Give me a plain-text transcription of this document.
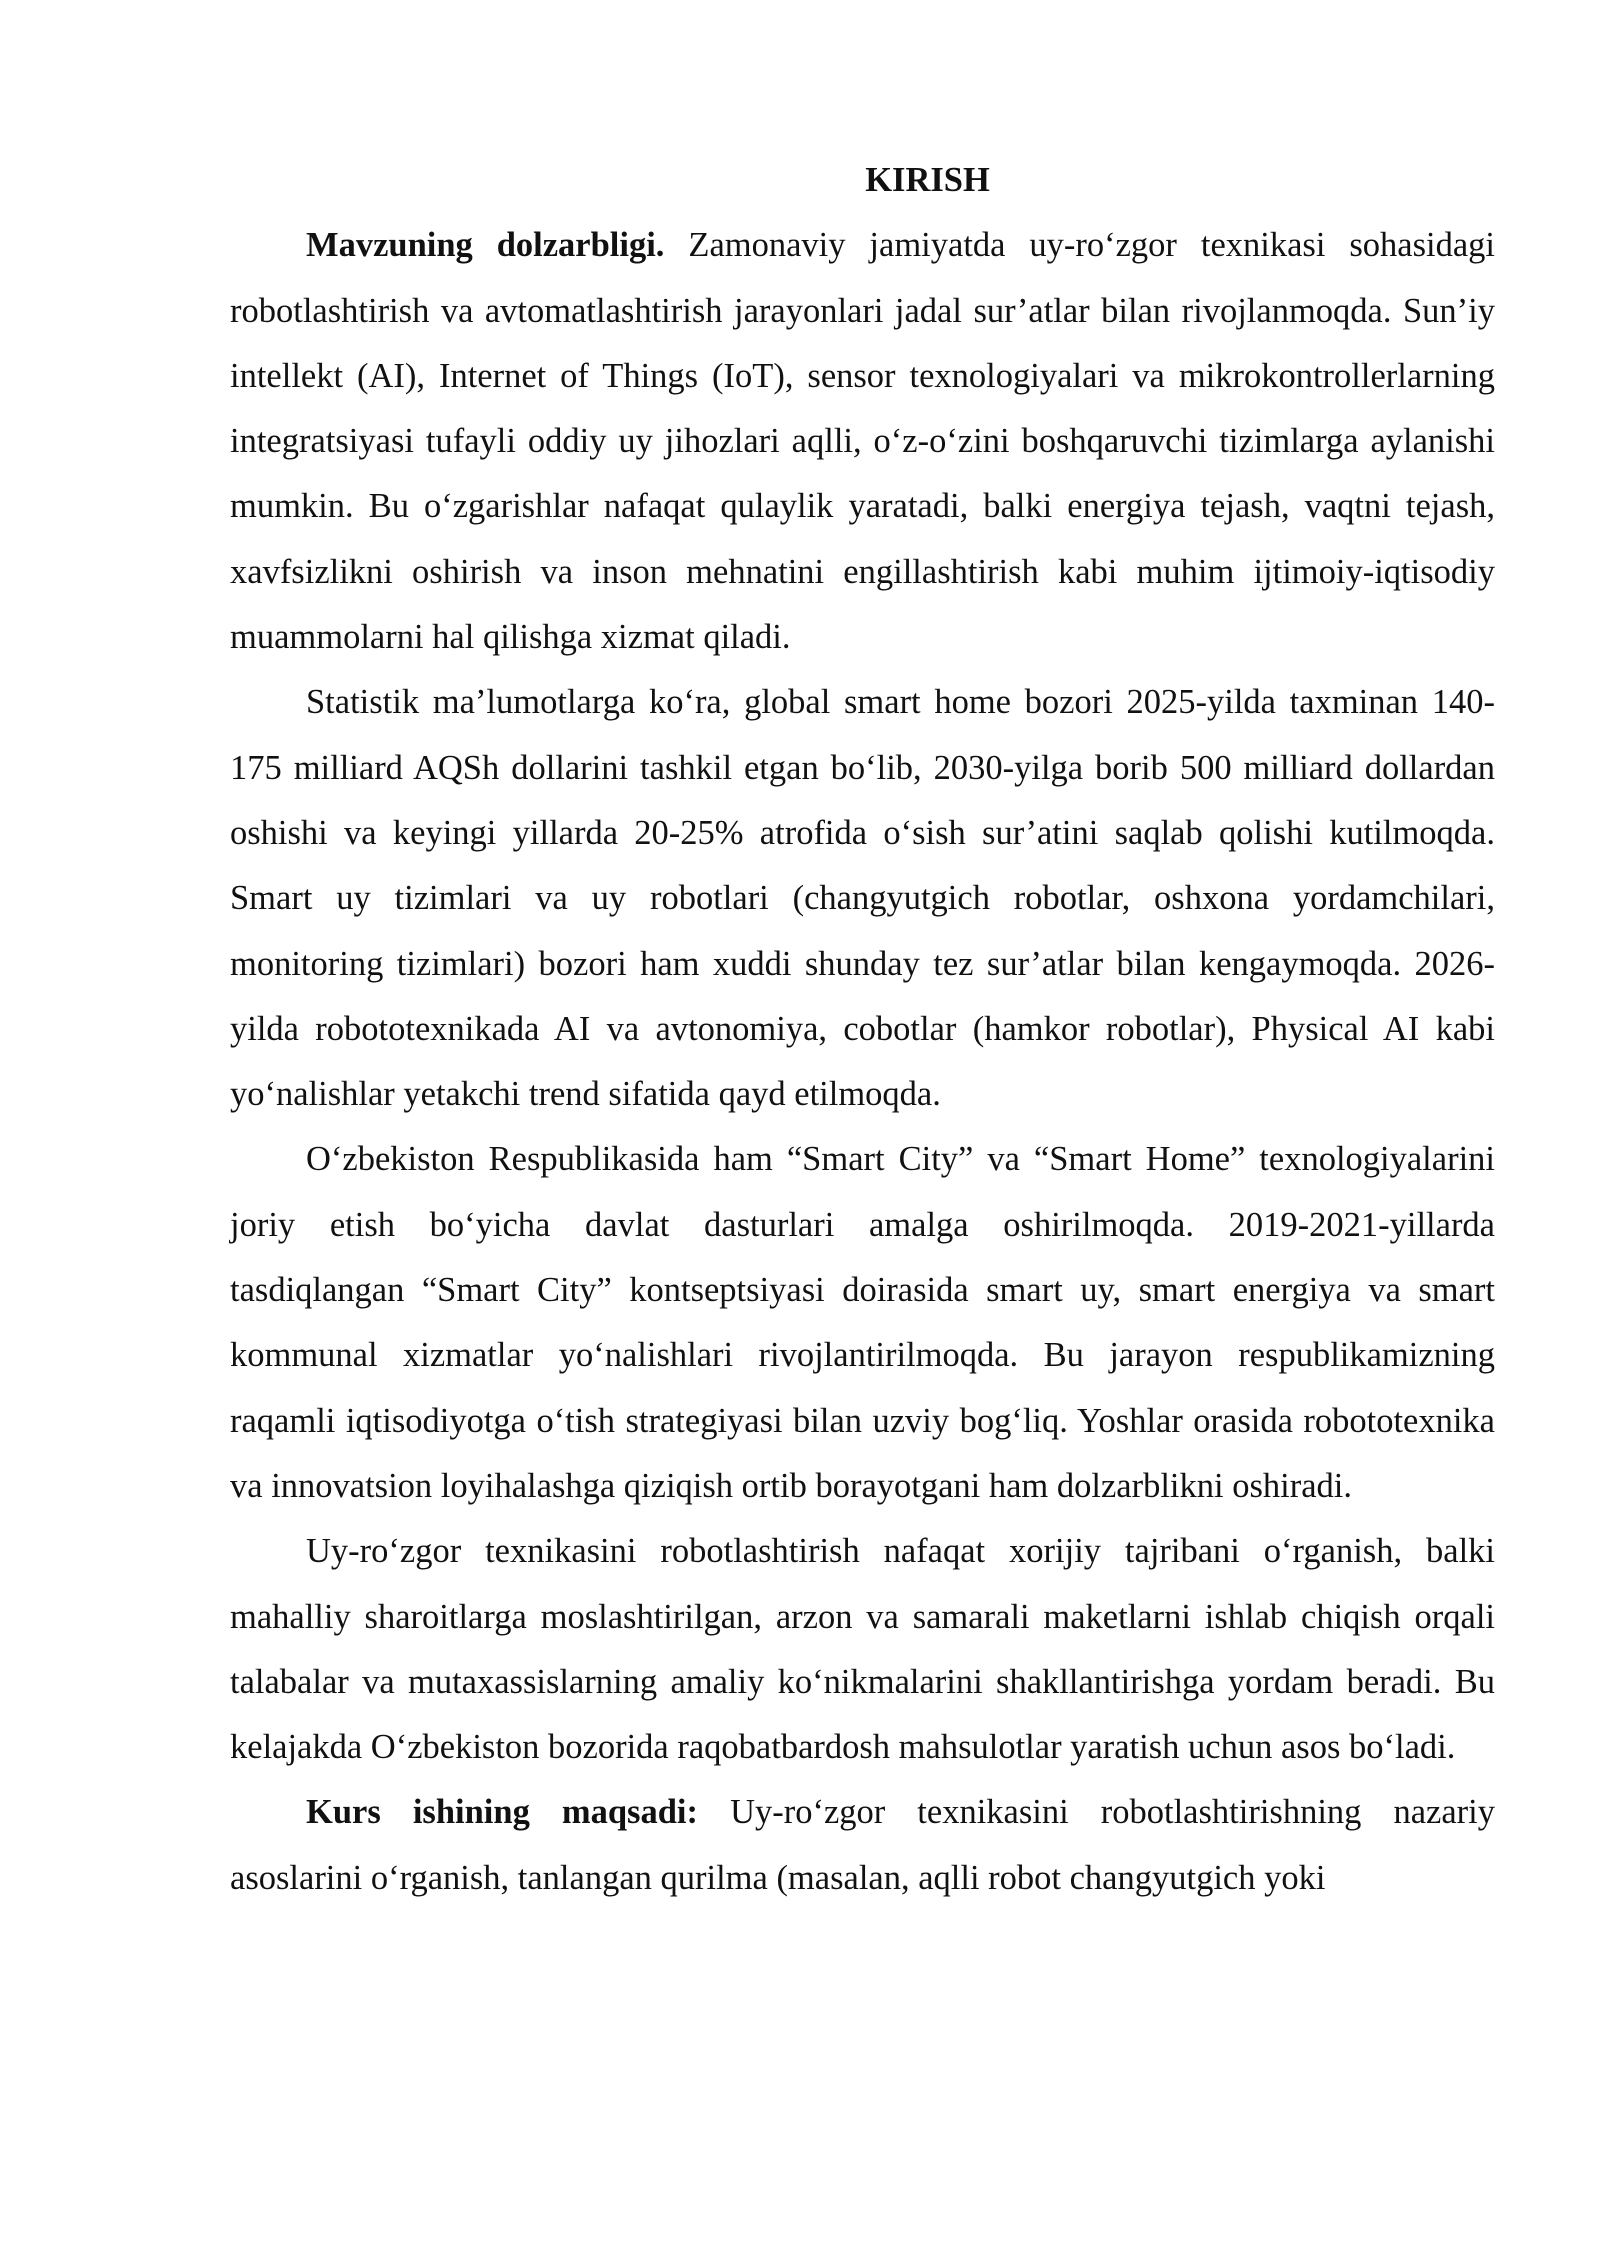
KIRISH

Mavzuning dolzarbligi. Zamonaviy jamiyatda uy-ro‘zgor texnikasi sohasidagi robotlashtirish va avtomatlashtirish jarayonlari jadal sur’atlar bilan rivojlanmoqda. Sun’iy intellekt (AI), Internet of Things (IoT), sensor texnologiyalari va mikrokontrollerlarning integratsiyasi tufayli oddiy uy jihozlari aqlli, o‘z-o‘zini boshqaruvchi tizimlarga aylanishi mumkin. Bu o‘zgarishlar nafaqat qulaylik yaratadi, balki energiya tejash, vaqtni tejash, xavfsizlikni oshirish va inson mehnatini engillashtirish kabi muhim ijtimoiy-iqtisodiy muammolarni hal qilishga xizmat qiladi.

Statistik ma’lumotlarga ko‘ra, global smart home bozori 2025-yilda taxminan 140-175 milliard AQSh dollarini tashkil etgan bo‘lib, 2030-yilga borib 500 milliard dollardan oshishi va keyingi yillarda 20-25% atrofida o‘sish sur’atini saqlab qolishi kutilmoqda. Smart uy tizimlari va uy robotlari (changyutgich robotlar, oshxona yordamchilari, monitoring tizimlari) bozori ham xuddi shunday tez sur’atlar bilan kengaymoqda. 2026-yilda robototexnikada AI va avtonomiya, cobotlar (hamkor robotlar), Physical AI kabi yo‘nalishlar yetakchi trend sifatida qayd etilmoqda.

O‘zbekiston Respublikasida ham “Smart City” va “Smart Home” texnologiyalarini joriy etish bo‘yicha davlat dasturlari amalga oshirilmoqda. 2019-2021-yillarda tasdiqlangan “Smart City” kontseptsiyasi doirasida smart uy, smart energiya va smart kommunal xizmatlar yo‘nalishlari rivojlantirilmoqda. Bu jarayon respublikamizning raqamli iqtisodiyotga o‘tish strategiyasi bilan uzviy bog‘liq. Yoshlar orasida robototexnika va innovatsion loyihalashga qiziqish ortib borayotgani ham dolzarblikni oshiradi.

Uy-ro‘zgor texnikasini robotlashtirish nafaqat xorijiy tajribani o‘rganish, balki mahalliy sharoitlarga moslashtirilgan, arzon va samarali maketlarni ishlab chiqish orqali talabalar va mutaxassislarning amaliy ko‘nikmalarini shakllantirishga yordam beradi. Bu kelajakda O‘zbekiston bozorida raqobatbardosh mahsulotlar yaratish uchun asos bo‘ladi.

Kurs ishining maqsadi: Uy-ro‘zgor texnikasini robotlashtirishning nazariy asoslarini o‘rganish, tanlangan qurilma (masalan, aqlli robot changyutgich yoki
